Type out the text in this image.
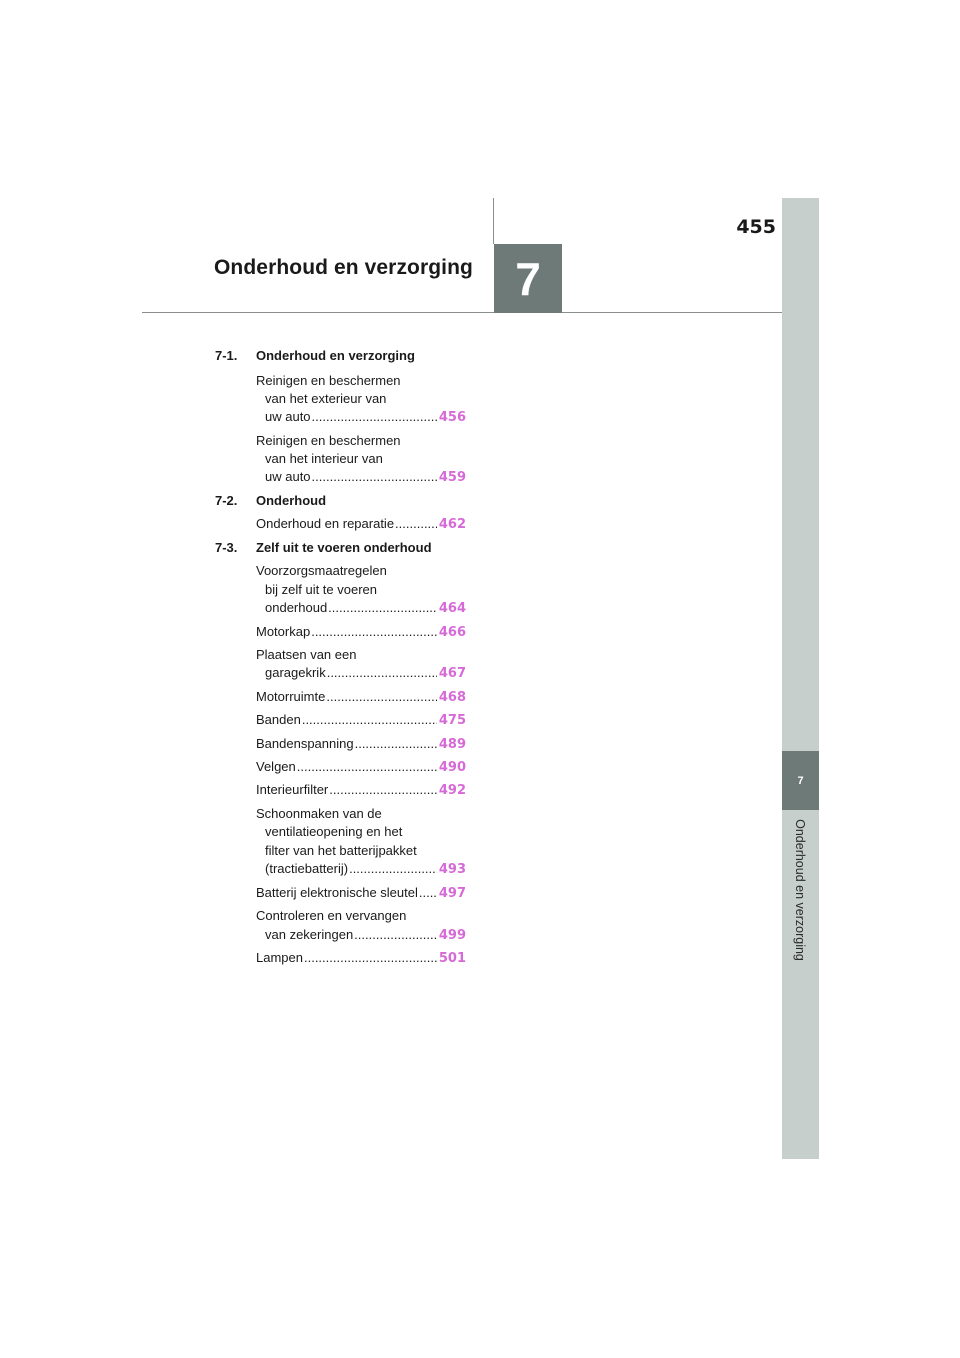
455
Onderhoud en verzorging 7
7
Onderhoud en verzorging
7-1. Onderhoud en verzorging
Reinigen en beschermen
van het exterieur van
uw auto .....	456
Reinigen en beschermen
van het interieur van
uw auto .....	459
7-2. Onderhoud
Onderhoud en reparatie .....	462
7-3. Zelf uit te voeren onderhoud
Voorzorgsmaatregelen
bij zelf uit te voeren
onderhoud .....	464
Motorkap .....	466
Plaatsen van een
garagekrik .....	467
Motorruimte .....	468
Banden .....	475
Bandenspanning .....	489
Velgen .....	490
Interieurfilter .....	492
Schoonmaken van de
ventilatieopening en het
filter van het batterijpakket
(tractiebatterij) .....	493
Batterij elektronische sleutel ..... 497
Controleren en vervangen
van zekeringen .....	499
Lampen .....	501
